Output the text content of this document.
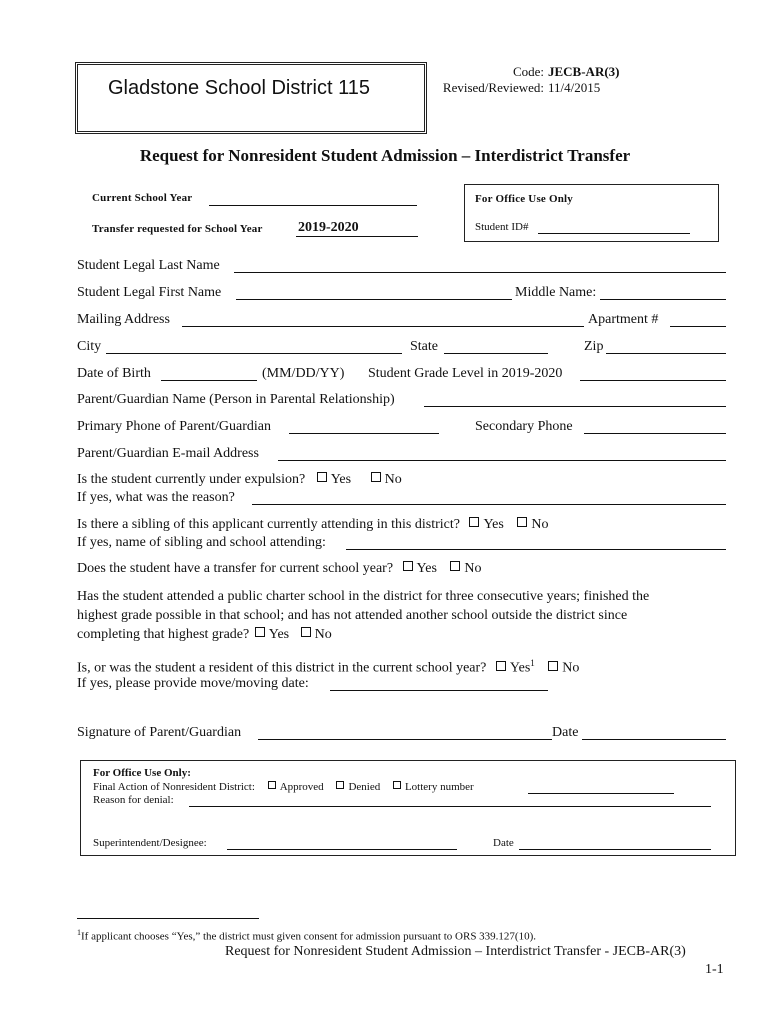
Gladstone School District 115
Code: JECB-AR(3)
Revised/Reviewed: 11/4/2015
Request for Nonresident Student Admission – Interdistrict Transfer
Current School Year
Transfer requested for School Year	2019-2020
For Office Use Only
Student ID#
Student Legal Last Name
Student Legal First Name	Middle Name:
Mailing Address	Apartment #
City	State	Zip
Date of Birth	(MM/DD/YY) Student Grade Level in 2019-2020
Parent/Guardian Name (Person in Parental Relationship)
Primary Phone of Parent/Guardian	Secondary Phone
Parent/Guardian E-mail Address
Is the student currently under expulsion? Yes No
If yes, what was the reason?
Is there a sibling of this applicant currently attending in this district? Yes No
If yes, name of sibling and school attending:
Does the student have a transfer for current school year? Yes No
Has the student attended a public charter school in the district for three consecutive years; finished the
highest grade possible in that school; and has not attended another school outside the district since
completing that highest grade? Yes No
Is, or was the student a resident of this district in the current school year? Yes$^1$ No
If yes, please provide move/moving date:
Signature of Parent/Guardian	Date
For Office Use Only:
Final Action of Nonresident District: Approved Denied Lottery number
Reason for denial:
Superintendent/Designee:	Date
$^1$If applicant chooses “Yes,” the district must given consent for admission pursuant to ORS 339.127(10).
Request for Nonresident Student Admission – Interdistrict Transfer - JECB-AR(3)
1-1
